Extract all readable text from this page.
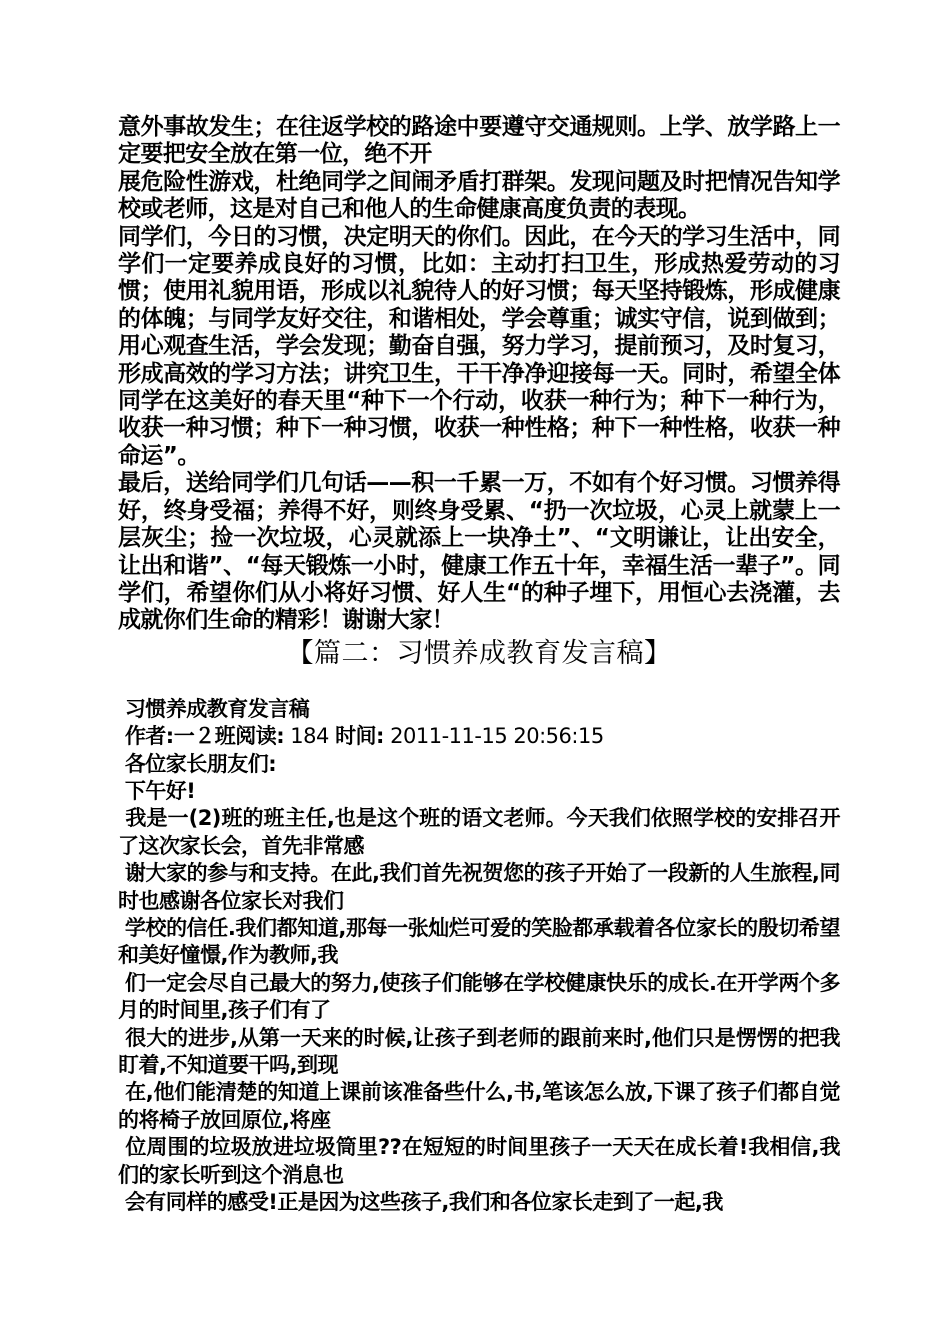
意外事故发生；在往返学校的路途中要遵守交通规则。上学、放学路上一定要把安全放在第一位，绝不开

展危险性游戏，杜绝同学之间闹矛盾打群架。发现问题及时把情况告知学校或老师，这是对自己和他人的生命健康高度负责的表现。

同学们，今日的习惯，决定明天的你们。因此，在今天的学习生活中，同学们一定要养成良好的习惯，比如：主动打扫卫生，形成热爱劳动的习惯；使用礼貌用语，形成以礼貌待人的好习惯；每天坚持锻炼，形成健康的体魄；与同学友好交往，和谐相处，学会尊重；诚实守信，说到做到；用心观查生活，学会发现；勤奋自强，努力学习，提前预习，及时复习，形成高效的学习方法；讲究卫生，干干净净迎接每一天。同时，希望全体同学在这美好的春天里“种下一个行动，收获一种行为；种下一种行为，收获一种习惯；种下一种习惯，收获一种性格；种下一种性格，收获一种命运”。

最后，送给同学们几句话——积一千累一万，不如有个好习惯。习惯养得好，终身受福；养得不好，则终身受累、“扔一次垃圾，心灵上就蒙上一层灰尘；捡一次垃圾，心灵就添上一块净土”、“文明谦让，让出安全，让出和谐”、“每天锻炼一小时，健康工作五十年，幸福生活一辈子”。同学们，希望你们从小将好习惯、好人生“的种子埋下，用恒心去浇灌，去成就你们生命的精彩！谢谢大家！

【篇二：习惯养成教育发言稿】

习惯养成教育发言稿

作者:一２班阅读: 184 时间: 2011-11-15 20:56:15

各位家长朋友们:

下午好!

我是一(2)班的班主任,也是这个班的语文老师。今天我们依照学校的安排召开了这次家长会，首先非常感

谢大家的参与和支持。在此,我们首先祝贺您的孩子开始了一段新的人生旅程,同时也感谢各位家长对我们

学校的信任.我们都知道,那每一张灿烂可爱的笑脸都承载着各位家长的殷切希望和美好憧憬,作为教师,我

们一定会尽自己最大的努力,使孩子们能够在学校健康快乐的成长.在开学两个多月的时间里,孩子们有了

很大的进步,从第一天来的时候,让孩子到老师的跟前来时,他们只是愣愣的把我盯着,不知道要干吗,到现

在,他们能清楚的知道上课前该准备些什么,书,笔该怎么放,下课了孩子们都自觉的将椅子放回原位,将座

位周围的垃圾放进垃圾筒里??在短短的时间里孩子一天天在成长着!我相信,我们的家长听到这个消息也

会有同样的感受!正是因为这些孩子,我们和各位家长走到了一起,我
